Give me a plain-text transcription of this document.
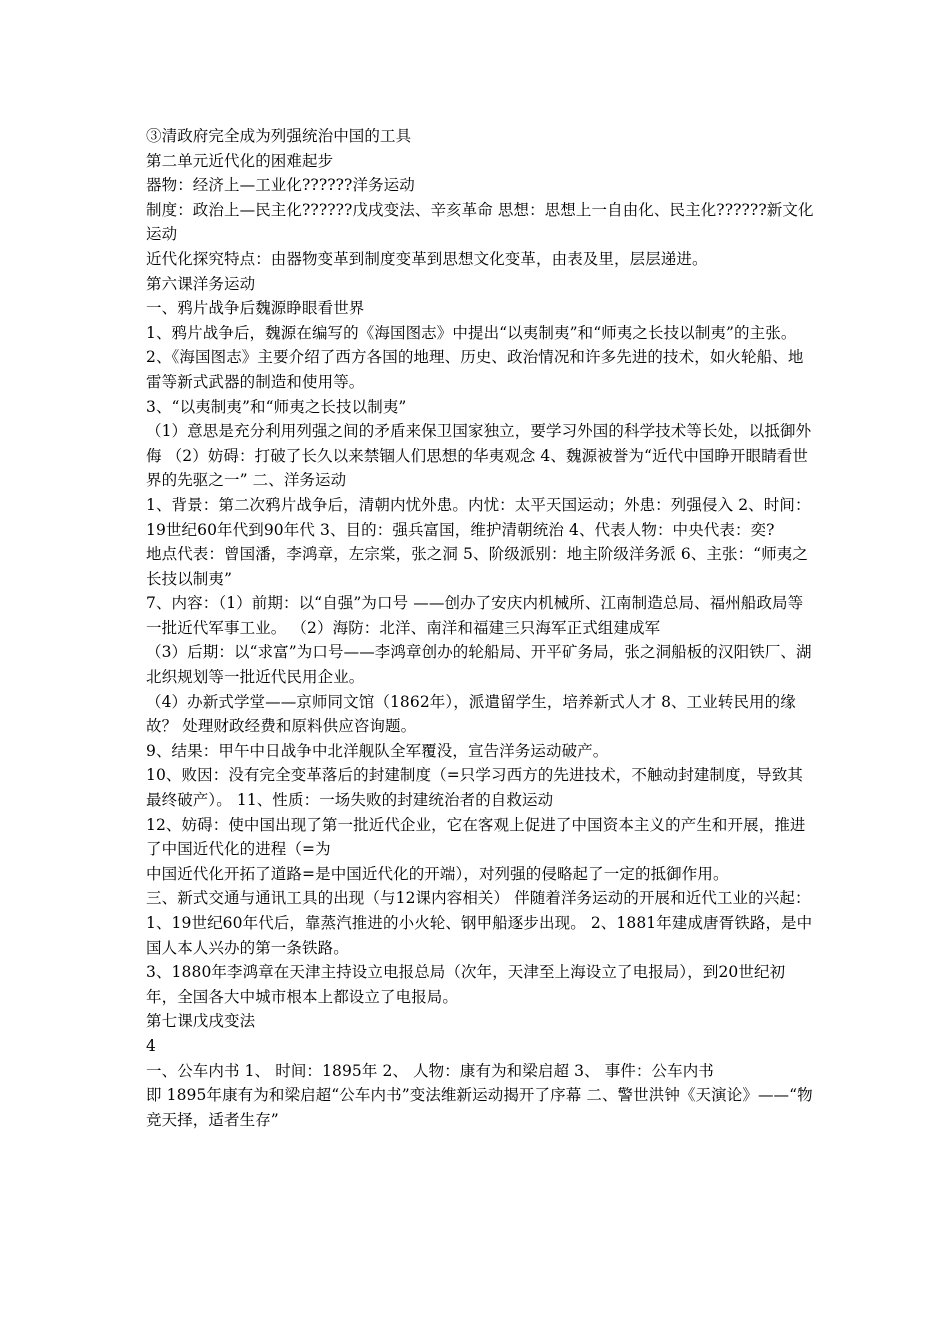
③清政府完全成为列强统治中国的工具

第二单元近代化的困难起步

器物：经济上—工业化??????洋务运动

制度：政治上—民主化??????戊戌变法、辛亥革命 思想：思想上一自由化、民主化??????新文化运动

近代化探究特点：由器物变革到制度变革到思想文化变革，由表及里，层层递进。

第六课洋务运动

一、鸦片战争后魏源睁眼看世界

1、鸦片战争后，魏源在编写的《海国图志》中提出“以夷制夷”和“师夷之长技以制夷”的主张。

2、《海国图志》主要介绍了西方各国的地理、历史、政治情况和许多先进的技术，如火轮船、地雷等新式武器的制造和使用等。

3、“以夷制夷”和“师夷之长技以制夷”

（1）意思是充分利用列强之间的矛盾来保卫国家独立，要学习外国的科学技术等长处，以抵御外侮 （2）妨碍：打破了长久以来禁锢人们思想的华夷观念 4、魏源被誉为“近代中国睁开眼睛看世界的先驱之一” 二、洋务运动

1、背景：第二次鸦片战争后，清朝内忧外患。内忧：太平天国运动；外患：列强侵入 2、时间：19世纪60年代到90年代 3、目的：强兵富国，维护清朝统治 4、代表人物：中央代表：奕?

地点代表：曾国潘，李鸿章，左宗棠，张之洞 5、阶级派别：地主阶级洋务派 6、主张：“师夷之长技以制夷”

7、内容：（1）前期：以“自强”为口号 ——创办了安庆内机械所、江南制造总局、福州船政局等一批近代军事工业。 （2）海防：北洋、南洋和福建三只海军正式组建成军

（3）后期：以“求富”为口号——李鸿章创办的轮船局、开平矿务局，张之洞船板的汉阳铁厂、湖北织规划等一批近代民用企业。

（4）办新式学堂——京师同文馆（1862年），派遣留学生，培养新式人才 8、工业转民用的缘故？ 处理财政经费和原料供应咨询题。

9、结果：甲午中日战争中北洋舰队全军覆没，宣告洋务运动破产。

10、败因：没有完全变革落后的封建制度（=只学习西方的先进技术，不触动封建制度，导致其最终破产）。 11、性质：一场失败的封建统治者的自救运动

12、妨碍：使中国出现了第一批近代企业，它在客观上促进了中国资本主义的产生和开展，推进了中国近代化的进程（=为

中国近代化开拓了道路=是中国近代化的开端），对列强的侵略起了一定的抵御作用。

三、新式交通与通讯工具的出现（与12课内容相关） 伴随着洋务运动的开展和近代工业的兴起：

1、19世纪60年代后，靠蒸汽推进的小火轮、钢甲船逐步出现。 2、1881年建成唐胥铁路，是中国人本人兴办的第一条铁路。

3、1880年李鸿章在天津主持设立电报总局（次年，天津至上海设立了电报局），到20世纪初年，全国各大中城市根本上都设立了电报局。

第七课戊戌变法

4

一、公车内书 1、 时间：1895年 2、 人物：康有为和梁启超 3、 事件：公车内书

即 1895年康有为和梁启超“公车内书”变法维新运动揭开了序幕 二、警世洪钟《天演论》——“物竞天择，适者生存”
